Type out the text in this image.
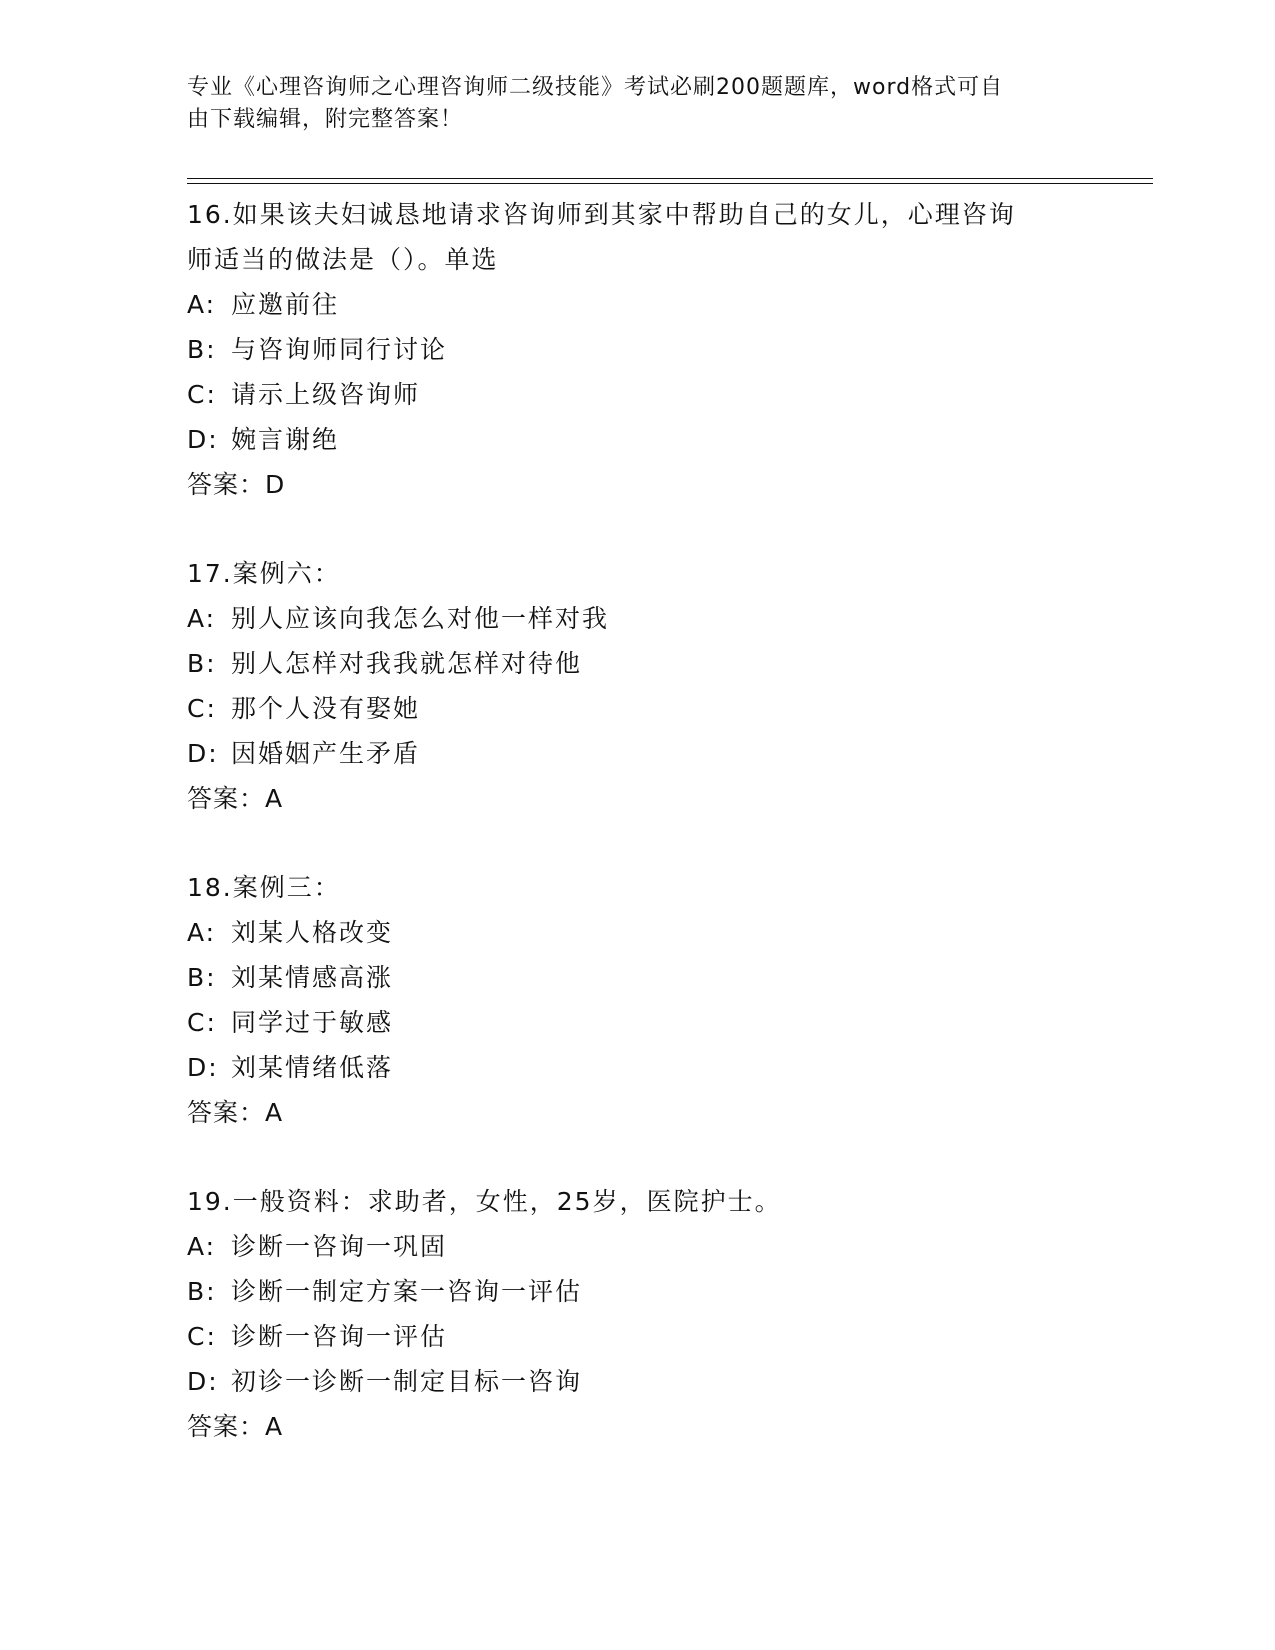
专业《心理咨询师之心理咨询师二级技能》考试必刷200题题库，word格式可自
由下载编辑，附完整答案！

16.如果该夫妇诚恳地请求咨询师到其家中帮助自己的女儿，心理咨询

师适当的做法是（）。单选

A: 应邀前往

B: 与咨询师同行讨论

C: 请示上级咨询师

D: 婉言谢绝

答案：D

17.案例六：

A: 别人应该向我怎么对他一样对我

B: 别人怎样对我我就怎样对待他

C: 那个人没有娶她

D: 因婚姻产生矛盾

答案：A

18.案例三：

A: 刘某人格改变

B: 刘某情感高涨

C: 同学过于敏感

D: 刘某情绪低落

答案：A

19.一般资料：求助者，女性，25岁，医院护士。

A: 诊断一咨询一巩固

B: 诊断一制定方案一咨询一评估

C: 诊断一咨询一评估

D: 初诊一诊断一制定目标一咨询

答案：A
